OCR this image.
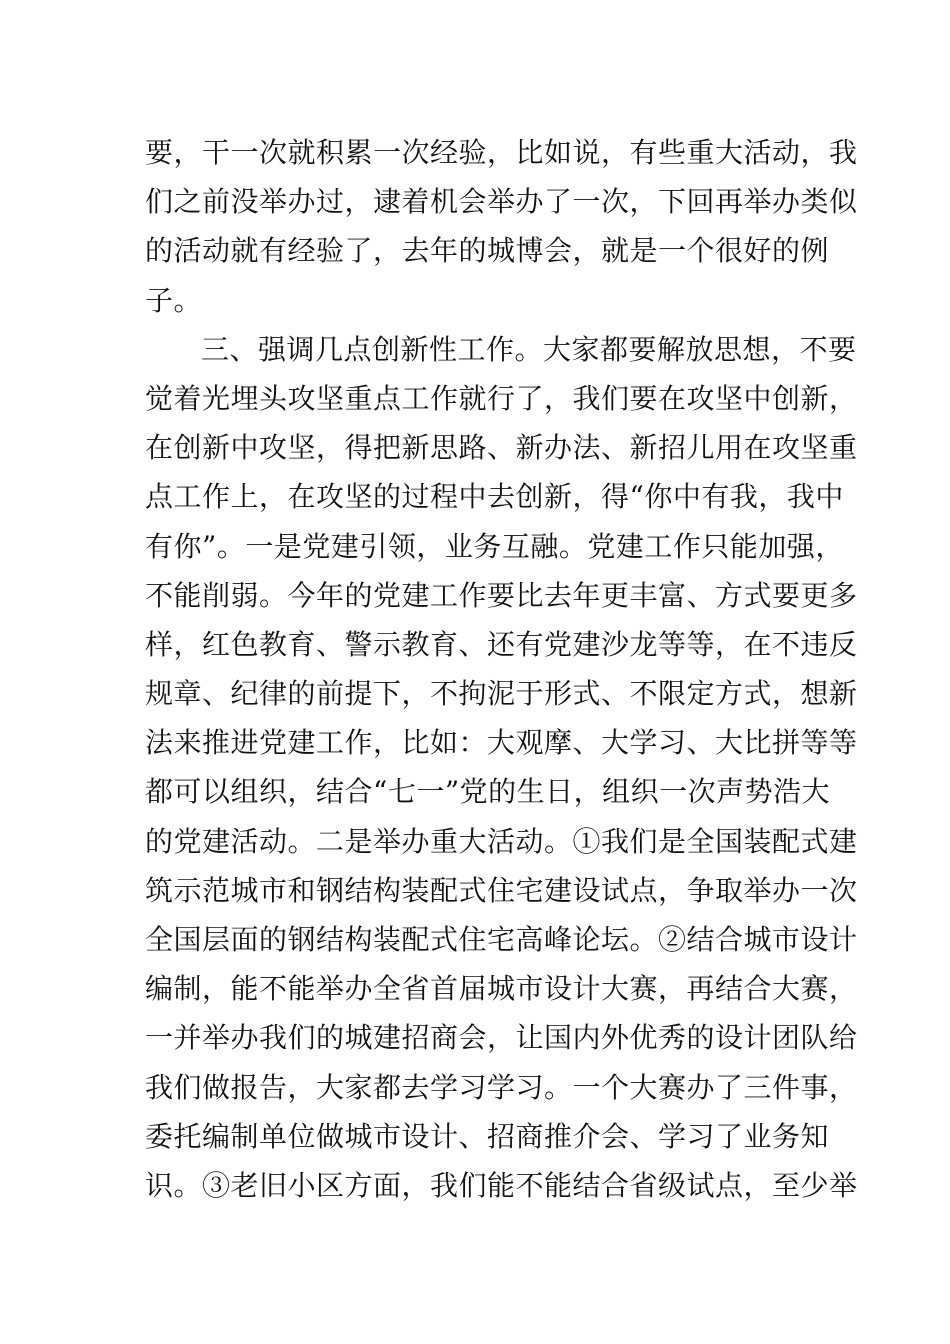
要，干一次就积累一次经验，比如说，有些重大活动，我
们之前没举办过，逮着机会举办了一次，下回再举办类似
的活动就有经验了，去年的城博会，就是一个很好的例
子。
三、强调几点创新性工作。大家都要解放思想，不要
觉着光埋头攻坚重点工作就行了，我们要在攻坚中创新，
在创新中攻坚，得把新思路、新办法、新招儿用在攻坚重
点工作上，在攻坚的过程中去创新，得“你中有我，我中
有你”。一是党建引领，业务互融。党建工作只能加强，
不能削弱。今年的党建工作要比去年更丰富、方式要更多
样，红色教育、警示教育、还有党建沙龙等等，在不违反
规章、纪律的前提下，不拘泥于形式、不限定方式，想新
法来推进党建工作，比如：大观摩、大学习、大比拼等等
都可以组织，结合“七一”党的生日，组织一次声势浩大
的党建活动。二是举办重大活动。①我们是全国装配式建
筑示范城市和钢结构装配式住宅建设试点，争取举办一次
全国层面的钢结构装配式住宅高峰论坛。②结合城市设计
编制，能不能举办全省首届城市设计大赛，再结合大赛，
一并举办我们的城建招商会，让国内外优秀的设计团队给
我们做报告，大家都去学习学习。一个大赛办了三件事，
委托编制单位做城市设计、招商推介会、学习了业务知
识。③老旧小区方面，我们能不能结合省级试点，至少举
